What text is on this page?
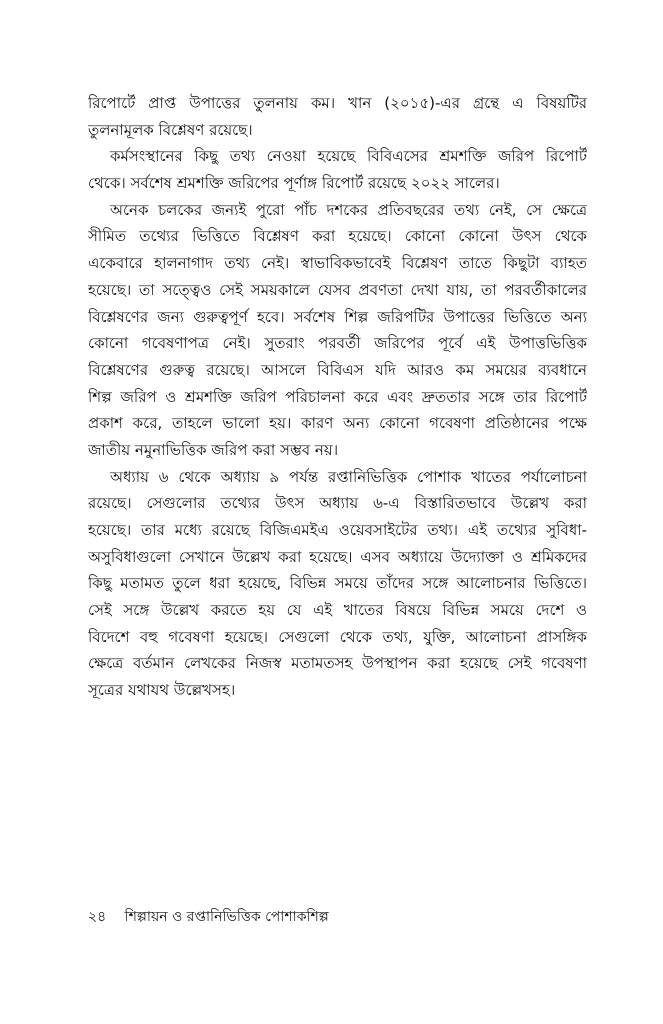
রিপোর্টে প্রাপ্ত উপাত্তের তুলনায় কম। খান (২০১৫)-এর গ্রন্থে এ বিষয়টির
তুলনামূলক বিশ্লেষণ রয়েছে।

কর্মসংস্থানের কিছু তথ্য নেওয়া হয়েছে বিবিএসের শ্রমশক্তি জরিপ রিপোর্ট
থেকে। সর্বশেষ শ্রমশক্তি জরিপের পূর্ণাঙ্গ রিপোর্ট রয়েছে ২০২২ সালের।

অনেক চলকের জন্যই পুরো পাঁচ দশকের প্রতিবছরের তথ্য নেই, সে ক্ষেত্রে
সীমিত তথ্যের ভিত্তিতে বিশ্লেষণ করা হয়েছে। কোনো কোনো উৎস থেকে
একেবারে হালনাগাদ তথ্য নেই। স্বাভাবিকভাবেই বিশ্লেষণ তাতে কিছুটা ব্যাহত
হয়েছে। তা সত্ত্বেও সেই সময়কালে যেসব প্রবণতা দেখা যায়, তা পরবর্তীকালের
বিশ্লেষণের জন্য গুরুত্বপূর্ণ হবে। সর্বশেষ শিল্প জরিপটির উপাত্তের ভিত্তিতে অন্য
কোনো গবেষণাপত্র নেই। সুতরাং পরবর্তী জরিপের পূর্বে এই উপাত্তভিত্তিক
বিশ্লেষণের গুরুত্ব রয়েছে। আসলে বিবিএস যদি আরও কম সময়ের ব্যবধানে
শিল্প জরিপ ও শ্রমশক্তি জরিপ পরিচালনা করে এবং দ্রুততার সঙ্গে তার রিপোর্ট
প্রকাশ করে, তাহলে ভালো হয়। কারণ অন্য কোনো গবেষণা প্রতিষ্ঠানের পক্ষে
জাতীয় নমুনাভিত্তিক জরিপ করা সম্ভব নয়।

অধ্যায় ৬ থেকে অধ্যায় ৯ পর্যন্ত রপ্তানিভিত্তিক পোশাক খাতের পর্যালোচনা
রয়েছে। সেগুলোর তথ্যের উৎস অধ্যায় ৬-এ বিস্তারিতভাবে উল্লেখ করা
হয়েছে। তার মধ্যে রয়েছে বিজিএমইএ ওয়েবসাইটের তথ্য। এই তথ্যের সুবিধা-
অসুবিধাগুলো সেখানে উল্লেখ করা হয়েছে। এসব অধ্যায়ে উদ্যোক্তা ও শ্রমিকদের
কিছু মতামত তুলে ধরা হয়েছে, বিভিন্ন সময়ে তাঁদের সঙ্গে আলোচনার ভিত্তিতে।
সেই সঙ্গে উল্লেখ করতে হয় যে এই খাতের বিষয়ে বিভিন্ন সময়ে দেশে ও
বিদেশে বহু গবেষণা হয়েছে। সেগুলো থেকে তথ্য, যুক্তি, আলোচনা প্রাসঙ্গিক
ক্ষেত্রে বর্তমান লেখকের নিজস্ব মতামতসহ উপস্থাপন করা হয়েছে সেই গবেষণা
সূত্রের যথাযথ উল্লেখসহ।

২৪ শিল্পায়ন ও রপ্তানিভিত্তিক পোশাকশিল্প
